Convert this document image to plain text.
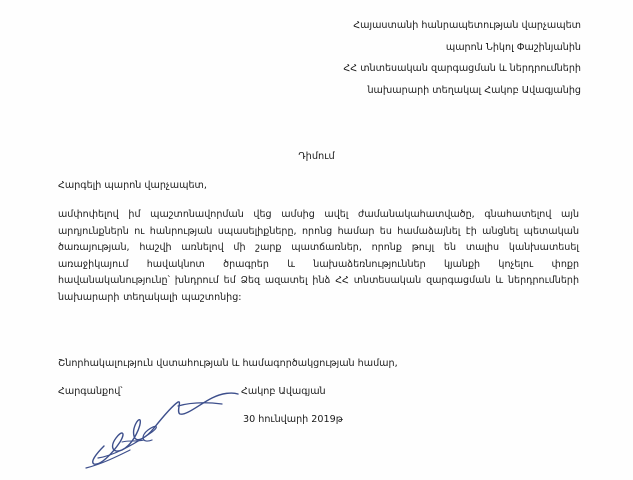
Հայաստանի հանրապետության վարչապետ
պարոն Նիկոլ Փաշինյանին
ՀՀ տնտեսական զարգացման և ներդրումների
նախարարի տեղակալ Հակոբ Ավագյանից
Դիմում
Հարգելի պարոն վարչապետ,
ամփոփելով իմ պաշտոնավորման վեց ամսից ավել ժամանակահատվածը, գնահատելով այն արդյունքներն ու հանրության սպասելիքները, որոնց համար ես համաձայնել էի անցնել պետական ծառայության, հաշվի առնելով մի շարք պատճառներ, որոնք թույլ են տալիս կանխատեսել առաջիկայում հավակնոտ ծրագրեր և նախաձեռնություններ կյանքի կոչելու փոքր հավանականությունը՝ խնդրում եմ Ձեզ ազատել ինձ ՀՀ տնտեսական զարգացման և ներդրումների նախարարի տեղակալի պաշտոնից:
Շնորհակալություն վստահության և համագործակցության համար,
Հարգանքով՝	Հակոբ Ավագյան
30 հունվարի 2019թ
